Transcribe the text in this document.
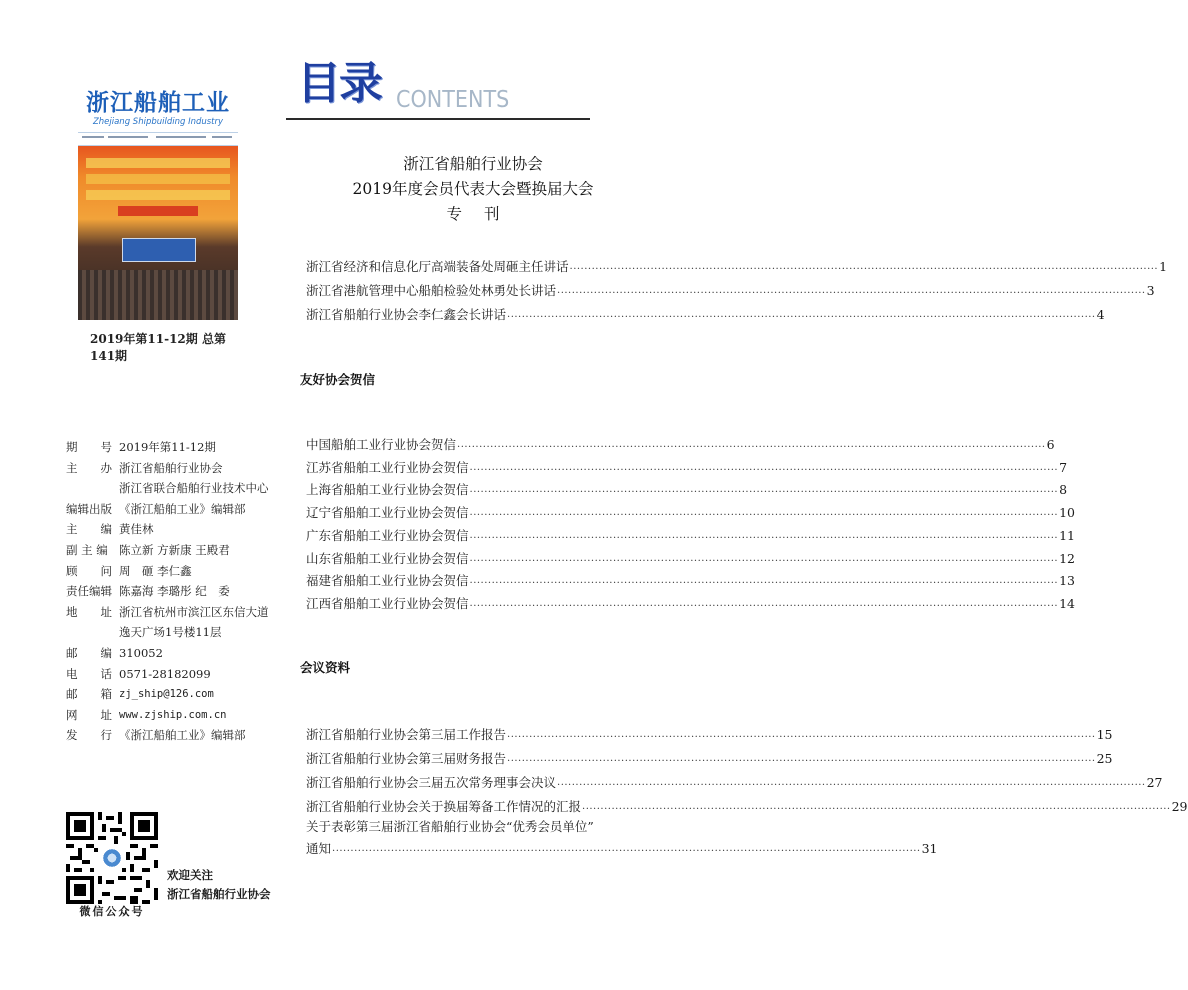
浙江船舶工业
Zhejiang Shipbuilding Industry
2019年第11-12期 总第141期
期　　号 2019年第11-12期
主　　办 浙江省船舶行业协会
浙江省联合船舶行业技术中心
编辑出版 《浙江船舶工业》编辑部
主　　编 黄佳林
副 主 编 陈立新 方新康 王殿君
顾　　问 周　砸 李仁鑫
责任编辑 陈嘉海 李璐彤 纪　委
地　　址 浙江省杭州市滨江区东信大道
逸天广场1号楼11层
邮　　编 310052
电　　话 0571-28182099
邮　　箱 zj_ship@126.com
网　　址 www.zjship.com.cn
发　　行 《浙江船舶工业》编辑部
微信公众号
欢迎关注
浙江省船舶行业协会
目录 CONTENTS
浙江省船舶行业协会
2019年度会员代表大会暨换届大会
专刊
浙江省经济和信息化厅高端装备处周砸主任讲话 ................................................................................................................................................................ 1
浙江省港航管理中心船舶检验处林勇处长讲话 ................................................................................................................................................................ 3
浙江省船舶行业协会李仁鑫会长讲话 ................................................................................................................................................................ 4
友好协会贺信
中国船舶工业行业协会贺信 ................................................................................................................................................................ 6
江苏省船舶工业行业协会贺信 ................................................................................................................................................................ 7
上海省船舶工业行业协会贺信 ................................................................................................................................................................ 8
辽宁省船舶工业行业协会贺信 ................................................................................................................................................................ 10
广东省船舶工业行业协会贺信 ................................................................................................................................................................ 11
山东省船舶工业行业协会贺信 ................................................................................................................................................................ 12
福建省船舶工业行业协会贺信 ................................................................................................................................................................ 13
江西省船舶工业行业协会贺信 ................................................................................................................................................................ 14
会议资料
浙江省船舶行业协会第三届工作报告 ................................................................................................................................................................ 15
浙江省船舶行业协会第三届财务报告 ................................................................................................................................................................ 25
浙江省船舶行业协会三届五次常务理事会决议 ................................................................................................................................................................ 27
浙江省船舶行业协会关于换届筹备工作情况的汇报 ................................................................................................................................................................ 29
关于表彰第三届浙江省船舶行业协会“优秀会员单位”
通知 ................................................................................................................................................................ 31
